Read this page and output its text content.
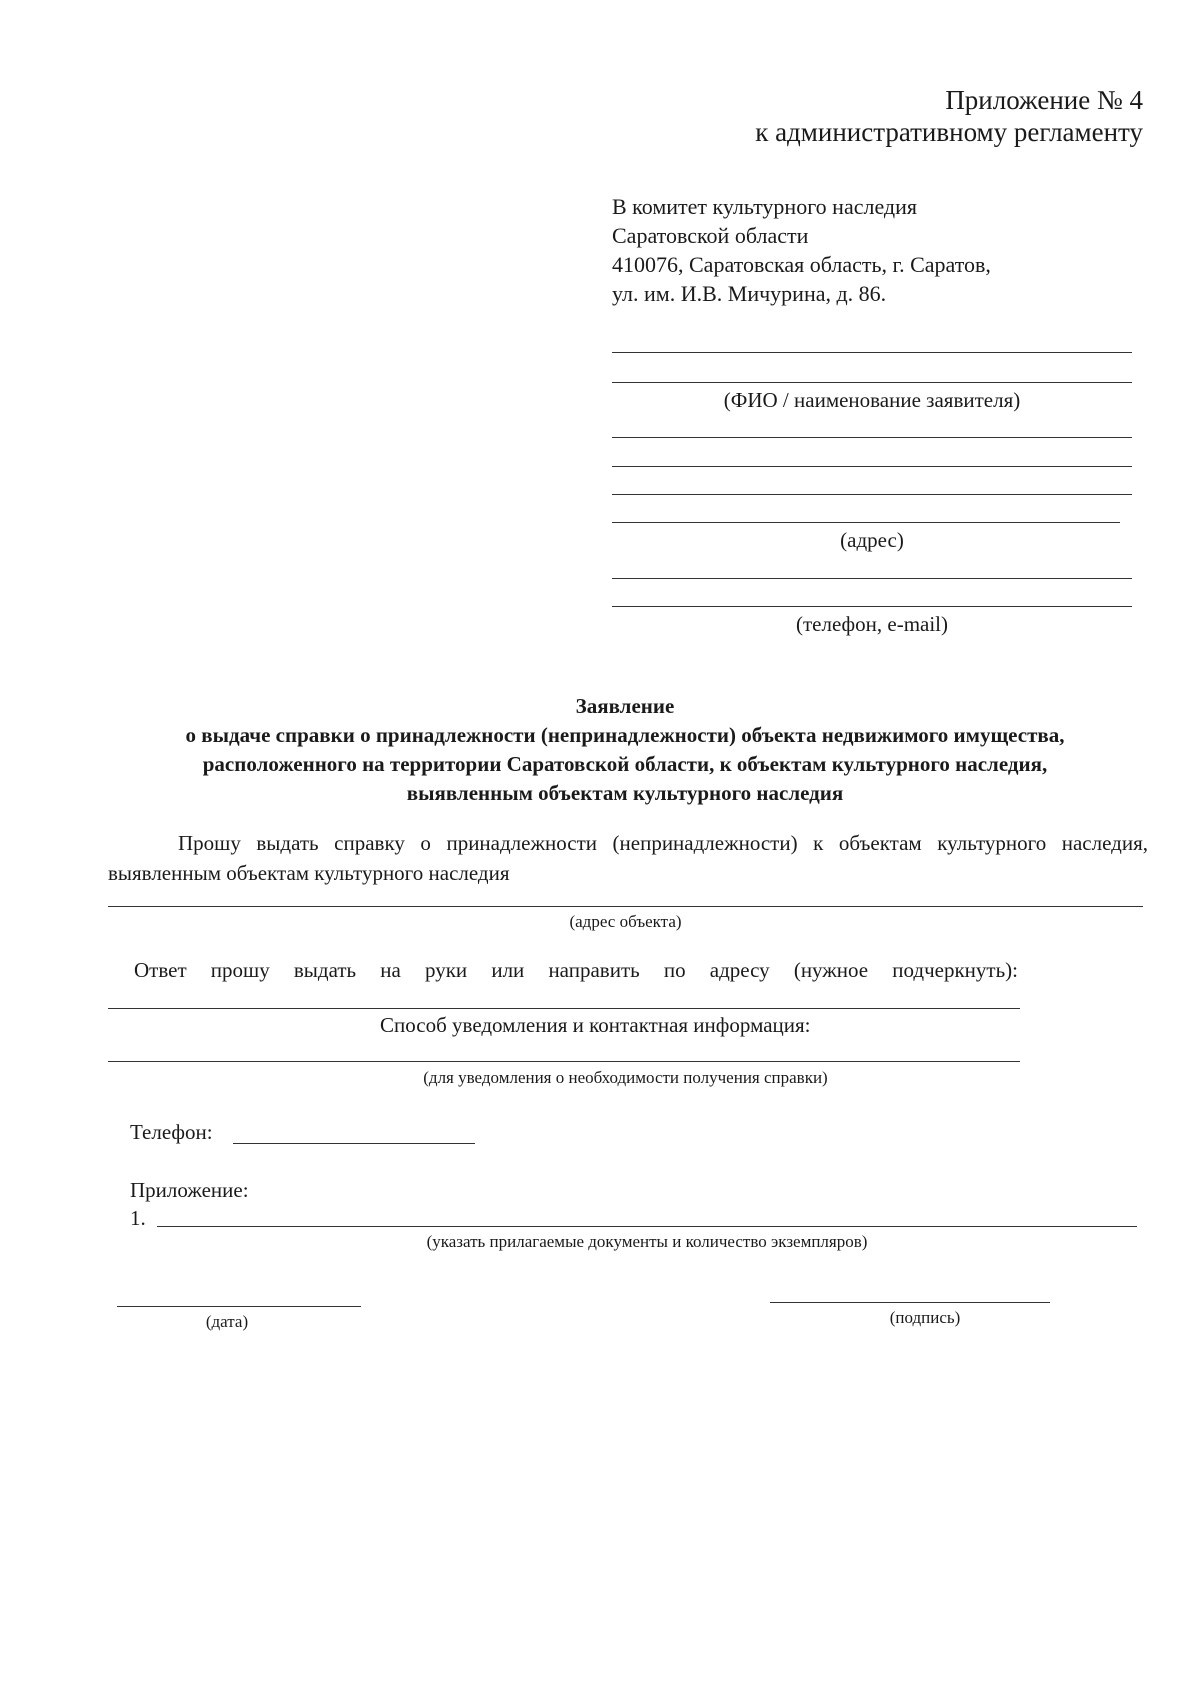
Приложение № 4
к административному регламенту
В комитет культурного наследия
Саратовской области
410076, Саратовская область, г. Саратов,
ул. им. И.В. Мичурина, д. 86.
(ФИО / наименование заявителя)
(адрес)
(телефон, e-mail)
Заявление
о выдаче справки о принадлежности (непринадлежности) объекта недвижимого имущества,
расположенного на территории Саратовской области, к объектам культурного наследия,
выявленным объектам культурного наследия
Прошу выдать справку о принадлежности (непринадлежности) к объектам культурного наследия, выявленным объектам культурного наследия
(адрес объекта)
Ответ прошу выдать на руки или направить по адресу (нужное подчеркнуть):
Способ уведомления и контактная информация:
(для уведомления о необходимости получения справки)
Телефон:
Приложение:
1.
(указать прилагаемые документы и количество экземпляров)
(дата)	(подпись)
